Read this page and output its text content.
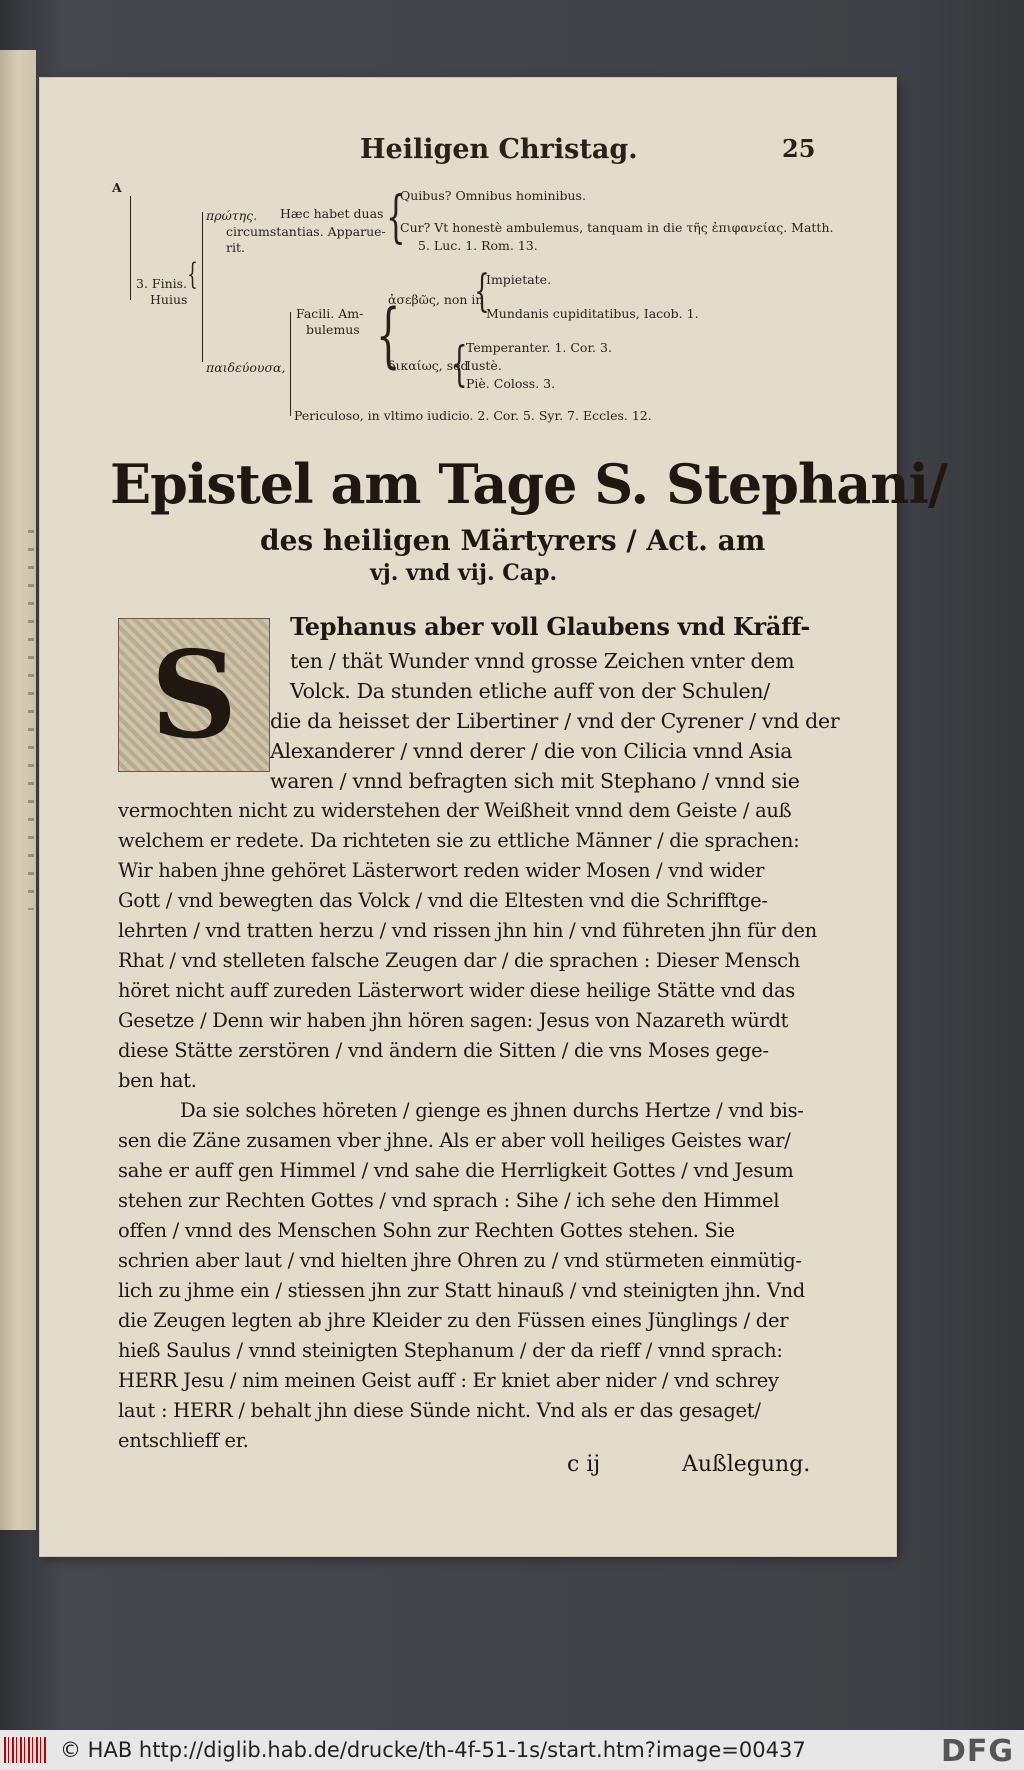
Heiligen Christag.	25
A
3. Finis.
Huius
{
πρώτης. Hæc habet duas
circumstantias. Apparue-
rit.	{
Quibus? Omnibus hominibus.
Cur? Vt honestè ambulemus, tanquam in die τῆς ἐπιφανείας. Matth.
5. Luc. 1. Rom. 13.
παιδεύουσα,
Facili. Am-
bulemus {
ἀσεβῶς, non in
{
Impietate.
Mundanis cupiditatibus, Iacob. 1.
δικαίως, sed
{
Temperanter. 1. Cor. 3.
Iustè.
Piè. Coloss. 3.
Periculoso, in vltimo iudicio. 2. Cor. 5. Syr. 7. Eccles. 12.
Epistel am Tage S. Stephani/
des heiligen Märtyrers / Act. am
vj. vnd vij. Cap.
S	Tephanus aber voll Glaubens vnd Kräff-
ten / thät Wunder vnnd grosse Zeichen vnter dem
Volck. Da stunden etliche auff von der Schulen/
die da heisset der Libertiner / vnd der Cyrener / vnd der
Alexanderer / vnnd derer / die von Cilicia vnnd Asia
waren / vnnd befragten sich mit Stephano / vnnd sie
vermochten nicht zu widerstehen der Weißheit vnnd dem Geiste / auß
welchem er redete. Da richteten sie zu ettliche Männer / die sprachen:
Wir haben jhne gehöret Lästerwort reden wider Mosen / vnd wider
Gott / vnd bewegten das Volck / vnd die Eltesten vnd die Schrifftge-
lehrten / vnd tratten herzu / vnd rissen jhn hin / vnd führeten jhn für den
Rhat / vnd stelleten falsche Zeugen dar / die sprachen : Dieser Mensch
höret nicht auff zureden Lästerwort wider diese heilige Stätte vnd das
Gesetze / Denn wir haben jhn hören sagen: Jesus von Nazareth würdt
diese Stätte zerstören / vnd ändern die Sitten / die vns Moses gege-
ben hat.
Da sie solches höreten / gienge es jhnen durchs Hertze / vnd bis-
sen die Zäne zusamen vber jhne. Als er aber voll heiliges Geistes war/
sahe er auff gen Himmel / vnd sahe die Herrligkeit Gottes / vnd Jesum
stehen zur Rechten Gottes / vnd sprach : Sihe / ich sehe den Himmel
offen / vnnd des Menschen Sohn zur Rechten Gottes stehen. Sie
schrien aber laut / vnd hielten jhre Ohren zu / vnd stürmeten einmütig-
lich zu jhme ein / stiessen jhn zur Statt hinauß / vnd steinigten jhn. Vnd
die Zeugen legten ab jhre Kleider zu den Füssen eines Jünglings / der
hieß Saulus / vnnd steinigten Stephanum / der da rieff / vnnd sprach:
HERR Jesu / nim meinen Geist auff : Er kniet aber nider / vnd schrey
laut : HERR / behalt jhn diese Sünde nicht. Vnd als er das gesaget/
entschlieff er.
c ij	Außlegung.
© HAB http://diglib.hab.de/drucke/th-4f-51-1s/start.htm?image=00437	DFG
